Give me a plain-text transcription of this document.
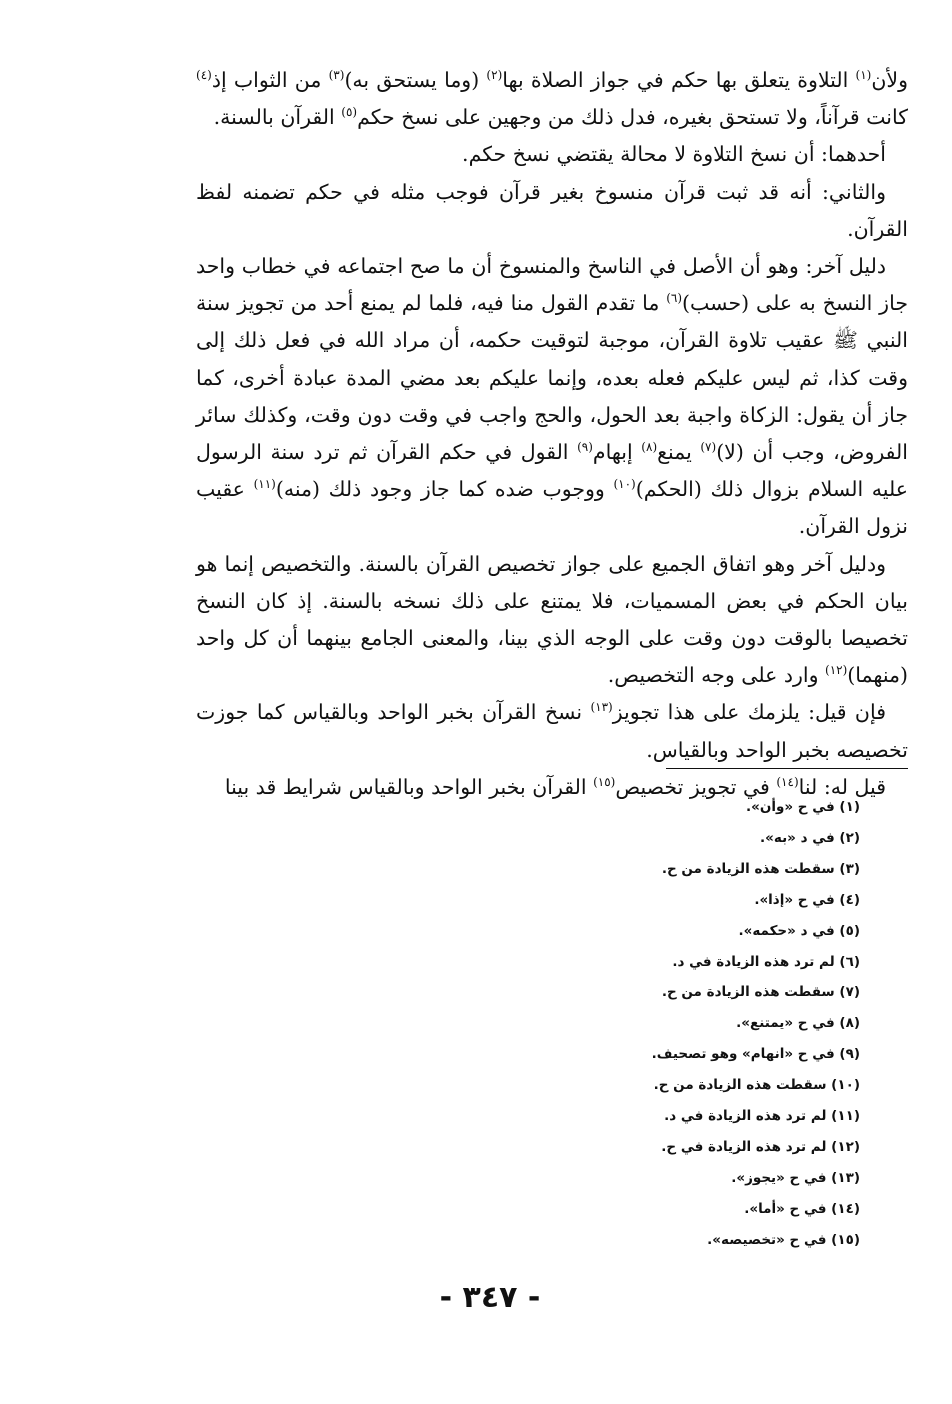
ولأن$^{(١)}$ التلاوة يتعلق بها حكم في جواز الصلاة بها$^{(٢)}$ (وما يستحق به)$^{(٣)}$ من الثواب إذ$^{(٤)}$ كانت قرآناً، ولا تستحق بغيره، فدل ذلك من وجهين على نسخ حكم$^{(٥)}$ القرآن بالسنة.

أحدهما: أن نسخ التلاوة لا محالة يقتضي نسخ حكم.

والثاني: أنه قد ثبت قرآن منسوخ بغير قرآن فوجب مثله في حكم تضمنه لفظ القرآن.

دليل آخر: وهو أن الأصل في الناسخ والمنسوخ أن ما صح اجتماعه في خطاب واحد جاز النسخ به على (حسب)$^{(٦)}$ ما تقدم القول منا فيه، فلما لم يمنع أحد من تجويز سنة النبي ﷺ عقيب تلاوة القرآن، موجبة لتوقيت حكمه، أن مراد الله في فعل ذلك إلى وقت كذا، ثم ليس عليكم فعله بعده، وإنما عليكم بعد مضي المدة عبادة أخرى، كما جاز أن يقول: الزكاة واجبة بعد الحول، والحج واجب في وقت دون وقت، وكذلك سائر الفروض، وجب أن (لا)$^{(٧)}$ يمنع$^{(٨)}$ إبهام$^{(٩)}$ القول في حكم القرآن ثم ترد سنة الرسول عليه السلام بزوال ذلك (الحكم)$^{(١٠)}$ ووجوب ضده كما جاز وجود ذلك (منه)$^{(١١)}$ عقيب نزول القرآن.

ودليل آخر وهو اتفاق الجميع على جواز تخصيص القرآن بالسنة. والتخصيص إنما هو بيان الحكم في بعض المسميات، فلا يمتنع على ذلك نسخه بالسنة. إذ كان النسخ تخصيصا بالوقت دون وقت على الوجه الذي بينا، والمعنى الجامع بينهما أن كل واحد (منهما)$^{(١٢)}$ وارد على وجه التخصيص.

فإن قيل: يلزمك على هذا تجويز$^{(١٣)}$ نسخ القرآن بخبر الواحد وبالقياس كما جوزت تخصيصه بخبر الواحد وبالقياس.

قيل له: لنا$^{(١٤)}$ في تجويز تخصيص$^{(١٥)}$ القرآن بخبر الواحد وبالقياس شرايط قد بينا

(١) في ح «وأن».
(٢) في د «به».
(٣) سقطت هذه الزيادة من ح.
(٤) في ح «إذا».
(٥) في د «حكمه».
(٦) لم ترد هذه الزيادة في د.
(٧) سقطت هذه الزيادة من ح.
(٨) في ح «يمتنع».
(٩) في ح «انهام» وهو تصحيف.
(١٠) سقطت هذه الزيادة من ح.
(١١) لم ترد هذه الزيادة في د.
(١٢) لم ترد هذه الزيادة في ح.
(١٣) في ح «يجوز».
(١٤) في ح «أما».
(١٥) في ح «تخصيصه».
- ٣٤٧ -
